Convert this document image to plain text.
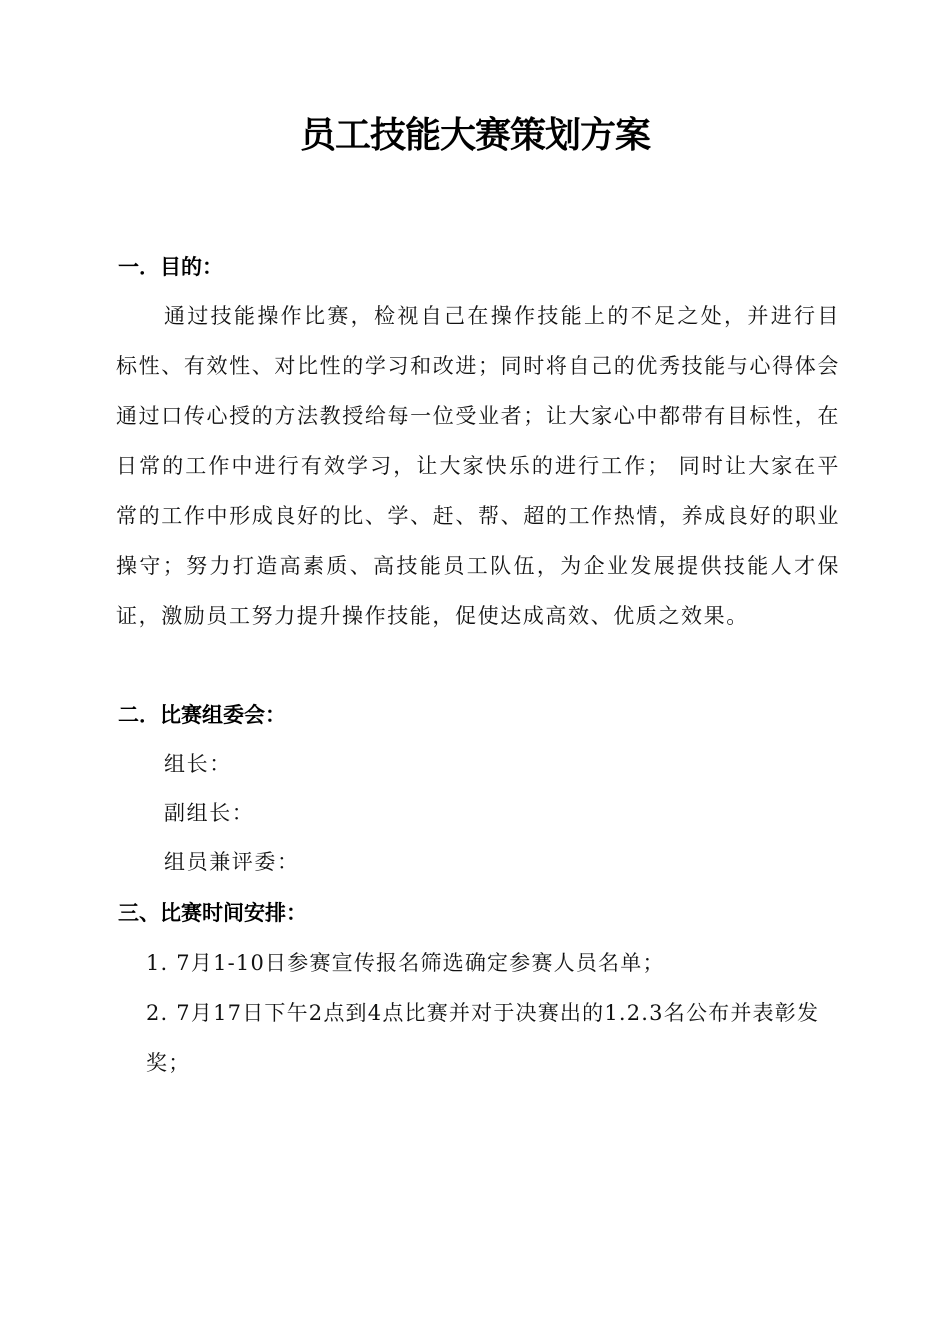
员工技能大赛策划方案
一．目的：
通过技能操作比赛，检视自己在操作技能上的不足之处，并进行目标性、有效性、对比性的学习和改进；同时将自己的优秀技能与心得体会通过口传心授的方法教授给每一位受业者；让大家心中都带有目标性，在日常的工作中进行有效学习，让大家快乐的进行工作； 同时让大家在平常的工作中形成良好的比、学、赶、帮、超的工作热情，养成良好的职业操守；努力打造高素质、高技能员工队伍，为企业发展提供技能人才保证，激励员工努力提升操作技能，促使达成高效、优质之效果。
二．比赛组委会：
组长：
副组长：
组员兼评委：
三、比赛时间安排：
1. 7月1-10日参赛宣传报名筛选确定参赛人员名单；
2. 7月17日下午2点到4点比赛并对于决赛出的1.2.3名公布并表彰发奖；
